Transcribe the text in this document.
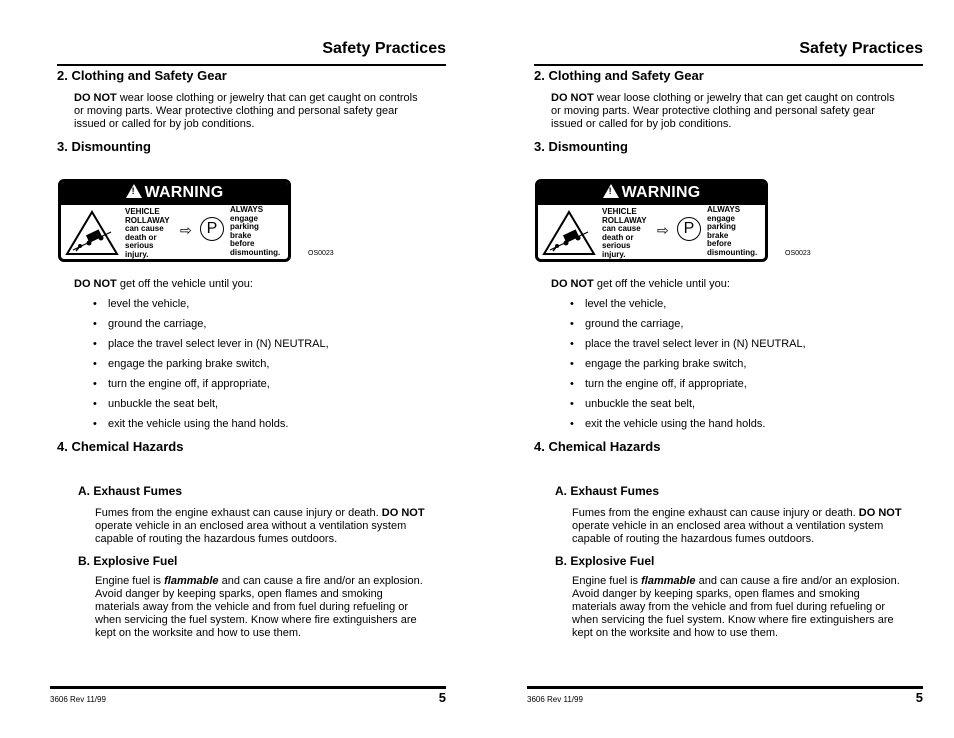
Safety Practices
2. Clothing and Safety Gear
DO NOT wear loose clothing or jewelry that can get caught on controls
or moving parts. Wear protective clothing and personal safety gear
issued or called for by job conditions.
3. Dismounting
! WARNING
VEHICLE
ROLLAWAY
can cause
death or
serious
injury.
⇨ P
ALWAYS
engage
parking
brake
before
dismounting.	OS0023
DO NOT get off the vehicle until you:
• level the vehicle,
• ground the carriage,
• place the travel select lever in (N) NEUTRAL,
• engage the parking brake switch,
• turn the engine off, if appropriate,
• unbuckle the seat belt,
• exit the vehicle using the hand holds.
4. Chemical Hazards
A. Exhaust Fumes
Fumes from the engine exhaust can cause injury or death. DO NOT
operate vehicle in an enclosed area without a ventilation system
capable of routing the hazardous fumes outdoors.
B. Explosive Fuel
Engine fuel is flammable and can cause a fire and/or an explosion.
Avoid danger by keeping sparks, open flames and smoking
materials away from the vehicle and from fuel during refueling or
when servicing the fuel system. Know where fire extinguishers are
kept on the worksite and how to use them.
3606 Rev 11/99	5
Safety Practices
2. Clothing and Safety Gear
DO NOT wear loose clothing or jewelry that can get caught on controls
or moving parts. Wear protective clothing and personal safety gear
issued or called for by job conditions.
3. Dismounting
! WARNING
VEHICLE
ROLLAWAY
can cause
death or
serious
injury.
⇨ P
ALWAYS
engage
parking
brake
before
dismounting.	OS0023
DO NOT get off the vehicle until you:
• level the vehicle,
• ground the carriage,
• place the travel select lever in (N) NEUTRAL,
• engage the parking brake switch,
• turn the engine off, if appropriate,
• unbuckle the seat belt,
• exit the vehicle using the hand holds.
4. Chemical Hazards
A. Exhaust Fumes
Fumes from the engine exhaust can cause injury or death. DO NOT
operate vehicle in an enclosed area without a ventilation system
capable of routing the hazardous fumes outdoors.
B. Explosive Fuel
Engine fuel is flammable and can cause a fire and/or an explosion.
Avoid danger by keeping sparks, open flames and smoking
materials away from the vehicle and from fuel during refueling or
when servicing the fuel system. Know where fire extinguishers are
kept on the worksite and how to use them.
3606 Rev 11/99	5
